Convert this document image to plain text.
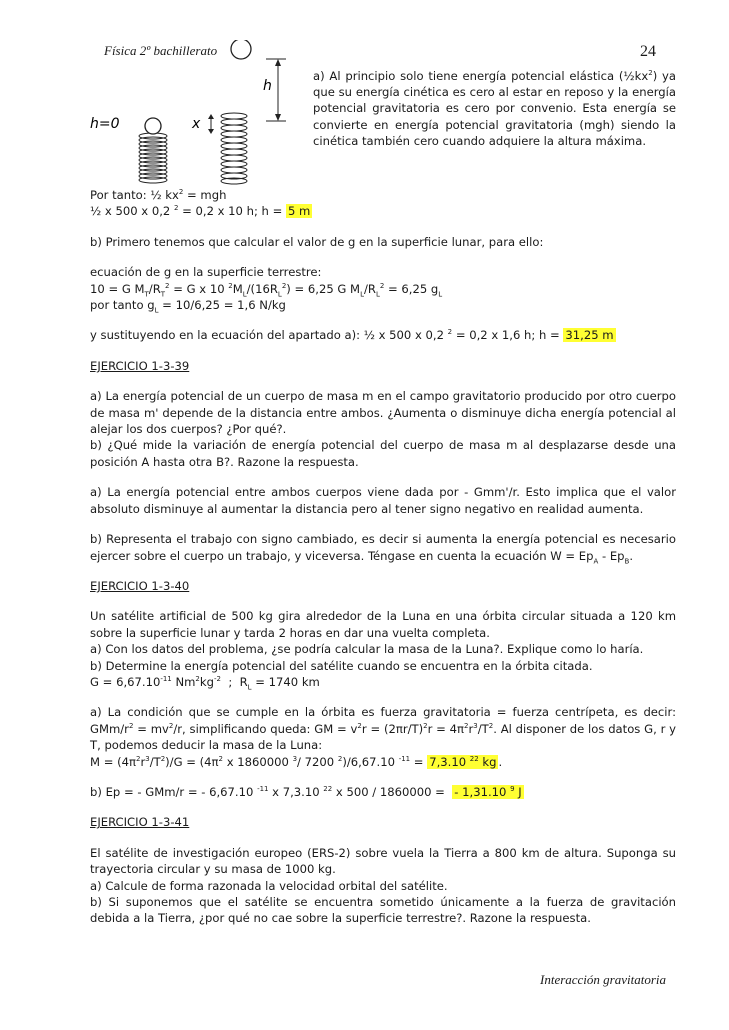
Física 2º bachillerato	24
h
h=0	x
a) Al principio solo tiene energía potencial elástica $(\frac{1}{2}kx^2)$ ya que su energía cinética es cero al estar en reposo y la energía potencial gravitatoria es cero por convenio. Esta energía se convierte en energía potencial gravitatoria (mgh) siendo la cinética también cero cuando adquiere la altura máxima.

Por tanto: ½ $kx^2$ = mgh
½ x 500 x 0,2 $^2$ = 0,2 x 10 h; h = 5 m

b) Primero tenemos que calcular el valor de g en la superficie lunar, para ello:

ecuación de g en la superficie terrestre:
10 = G $M_T/R_T^2 = G$ x 10 $^2M_L/(16R_L^2) = 6,25$ G $M_L/R_L^2 = 6,25$ $g_L$
por tanto $g_L = 10/6,25 = 1,6$ N/kg

y sustituyendo en la ecuación del apartado a): ½ x 500 x 0,2 $^2$ = 0,2 x 1,6 h; h = 31,25 m

EJERCICIO 1-3-39

a) La energía potencial de un cuerpo de masa m en el campo gravitatorio producido por otro cuerpo de masa m' depende de la distancia entre ambos. ¿Aumenta o disminuye dicha energía potencial al alejar los dos cuerpos? ¿Por qué?.
b) ¿Qué mide la variación de energía potencial del cuerpo de masa m al desplazarse desde una posición A hasta otra B?. Razone la respuesta.

a) La energía potencial entre ambos cuerpos viene dada por - Gmm'/r. Esto implica que el valor absoluto disminuye al aumentar la distancia pero al tener signo negativo en realidad aumenta.

b) Representa el trabajo con signo cambiado, es decir si aumenta la energía potencial es necesario ejercer sobre el cuerpo un trabajo, y viceversa. Téngase en cuenta la ecuación $W = Ep_A - Ep_B$.

EJERCICIO 1-3-40

Un satélite artificial de 500 kg gira alrededor de la Luna en una órbita circular situada a 120 km sobre la superficie lunar y tarda 2 horas en dar una vuelta completa.
a) Con los datos del problema, ¿se podría calcular la masa de la Luna?. Explique como lo haría.
b) Determine la energía potencial del satélite cuando se encuentra en la órbita citada.
$G = 6,67.10^{-11}$ $Nm^2kg^{-2}$  ;  $R_L = 1740$ km

a) La condición que se cumple en la órbita es fuerza gravitatoria = fuerza centrípeta, es decir: GMm/$r^2 = mv^2/r$, simplificando queda: GM = $v^2r = (2\pi r/T)^2r = 4\pi^2r^3/T^2$. Al disponer de los datos G, r y T, podemos deducir la masa de la Luna:
$M = (4\pi^2r^3/T^2)/G = (4\pi^2$ x 1860000 $^3$/ 7200 $^2$)/6,67.10 $^{-11}$ = 7,3.10 $^{22}$ kg .

b) Ep = - GMm/r = - 6,67.10 $^{-11}$ x 7,3.10 $^{22}$ x 500 / 1860000 =  - 1,31.10 $^9$ J

EJERCICIO 1-3-41

El satélite de investigación europeo (ERS-2) sobre vuela la Tierra a 800 km de altura. Suponga su trayectoria circular y su masa de 1000 kg.
a) Calcule de forma razonada la velocidad orbital del satélite.
b) Si suponemos que el satélite se encuentra sometido únicamente a la fuerza de gravitación debida a la Tierra, ¿por qué no cae sobre la superficie terrestre?. Razone la respuesta.

Interacción gravitatoria
